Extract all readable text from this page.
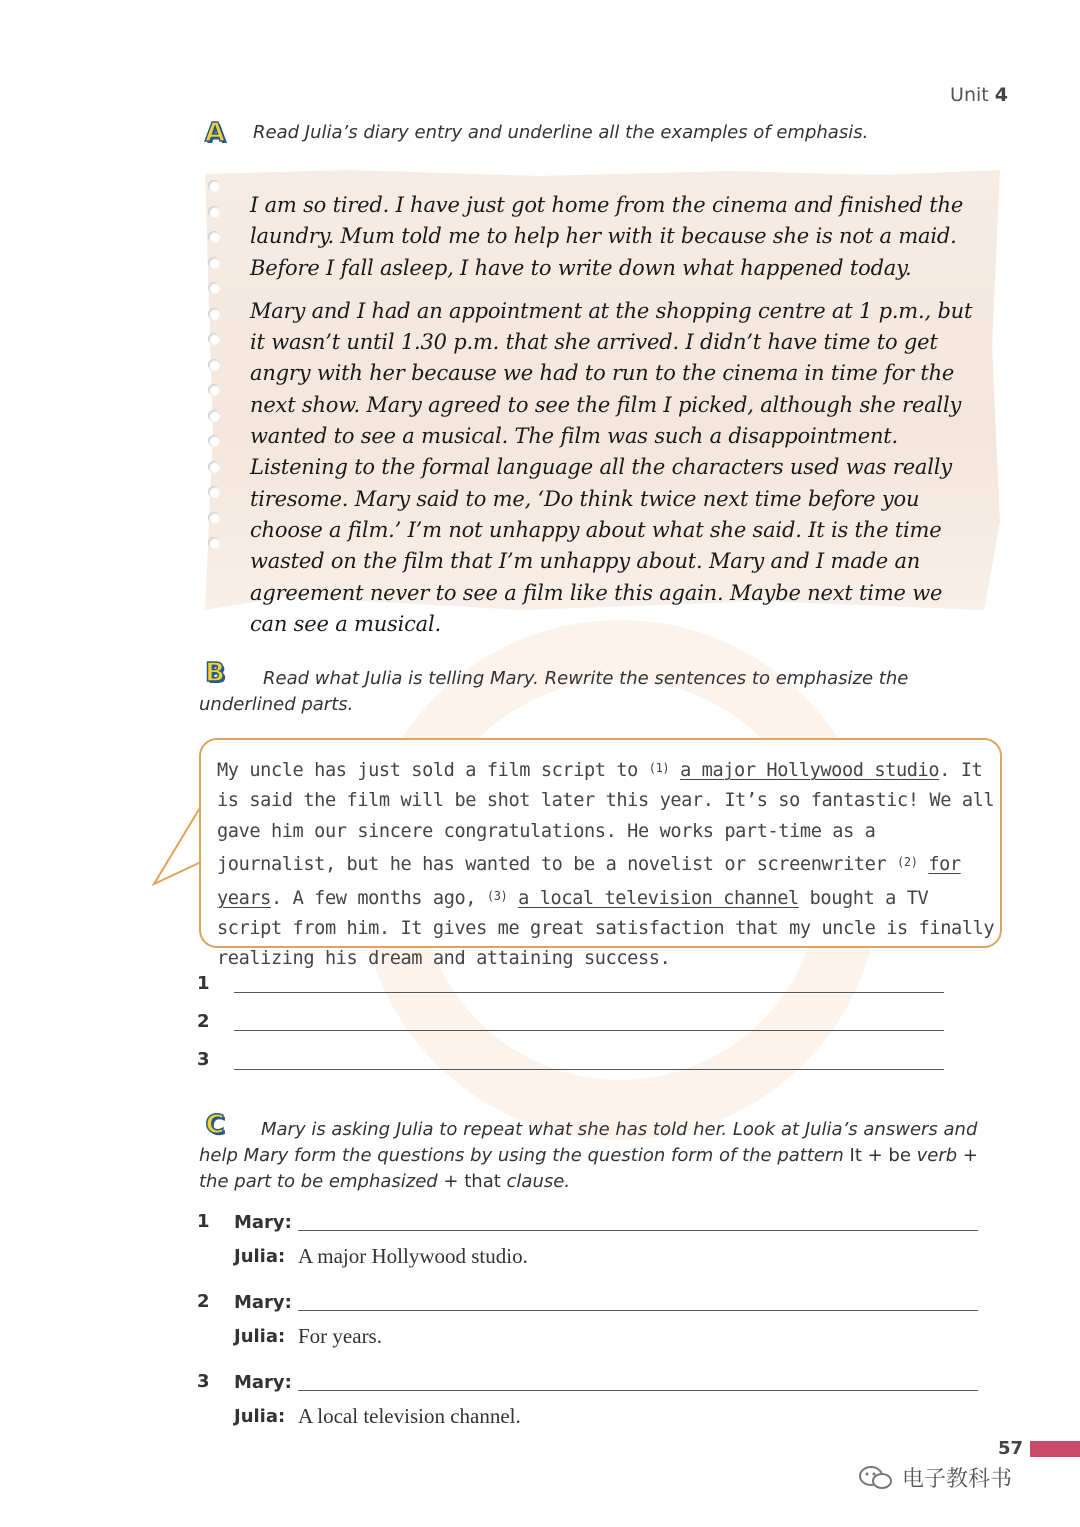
Unit 4
A Read Julia’s diary entry and underline all the examples of emphasis.

I am so tired. I have just got home from the cinema and finished the laundry. Mum told me to help her with it because she is not a maid. Before I fall asleep, I have to write down what happened today.

Mary and I had an appointment at the shopping centre at 1 p.m., but it wasn’t until 1.30 p.m. that she arrived. I didn’t have time to get angry with her because we had to run to the cinema in time for the next show. Mary agreed to see the film I picked, although she really wanted to see a musical. The film was such a disappointment. Listening to the formal language all the characters used was really tiresome. Mary said to me, ‘Do think twice next time before you choose a film.’ I’m not unhappy about what she said. It is the time wasted on the film that I’m unhappy about. Mary and I made an agreement never to see a film like this again. Maybe next time we can see a musical.

B	Read what Julia is telling Mary. Rewrite the sentences to emphasize the underlined parts.
My uncle has just sold a film script to $^{(1)}$ a major Hollywood studio. It is said the film will be shot later this year. It’s so fantastic! We all gave him our sincere congratulations. He works part-time as a journalist, but he has wanted to be a novelist or screenwriter $^{(2)}$ for years. A few months ago, $^{(3)}$ a local television channel bought a TV script from him. It gives me great satisfaction that my uncle is finally realizing his dream and attaining success.
1
2
3
C	Mary is asking Julia to repeat what she has told her. Look at Julia’s answers and help Mary form the questions by using the question form of the pattern It + be verb + the part to be emphasized + that clause.
1 Mary:
Julia: A major Hollywood studio.
2 Mary:
Julia: For years.
3 Mary:
Julia: A local television channel.
57
电子教科书
